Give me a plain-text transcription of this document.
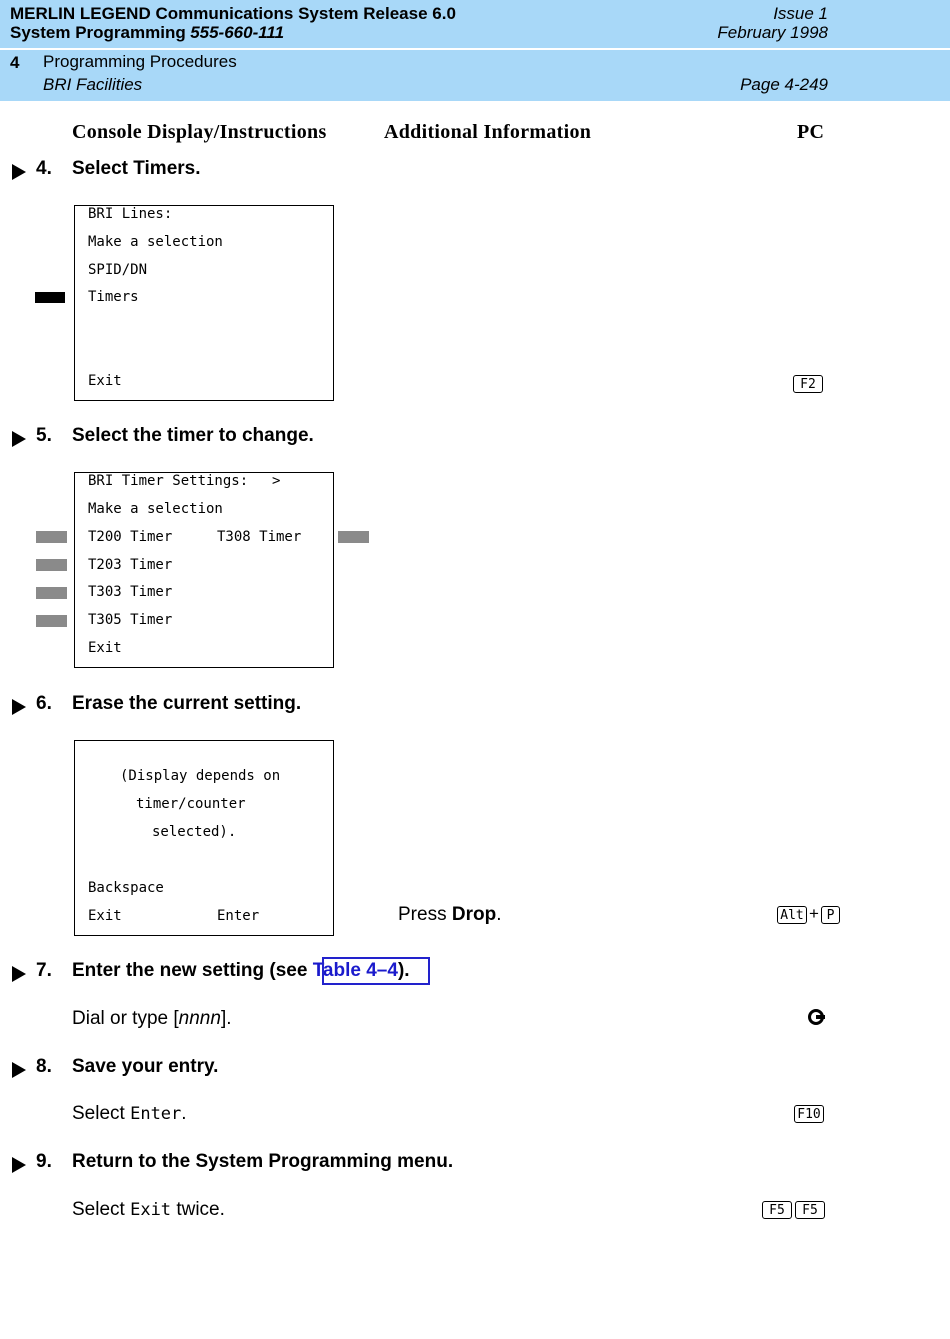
MERLIN LEGEND Communications System Release 6.0
System Programming 555-660-111
Issue 1
February 1998
4 Programming Procedures
BRI Facilities	Page 4-249
Console Display/Instructions	Additional Information	PC
4. Select Timers.
BRI Lines:
Make a selection
SPID/DN
Timers
Exit	F2
5. Select the timer to change.
BRI Timer Settings: >
Make a selection
T200 Timer	T308 Timer
T203 Timer
T303 Timer
T305 Timer
Exit
6. Erase the current setting.
(Display depends on
timer/counter
selected).
Backspace
Exit	Enter	Press Drop.	Alt + P
7. Enter the new setting (see Table 4–4).
Dial or type [nnnn].
8. Save your entry.
Select Enter.	F10
9. Return to the System Programming menu.
Select Exit twice.	F5	F5
